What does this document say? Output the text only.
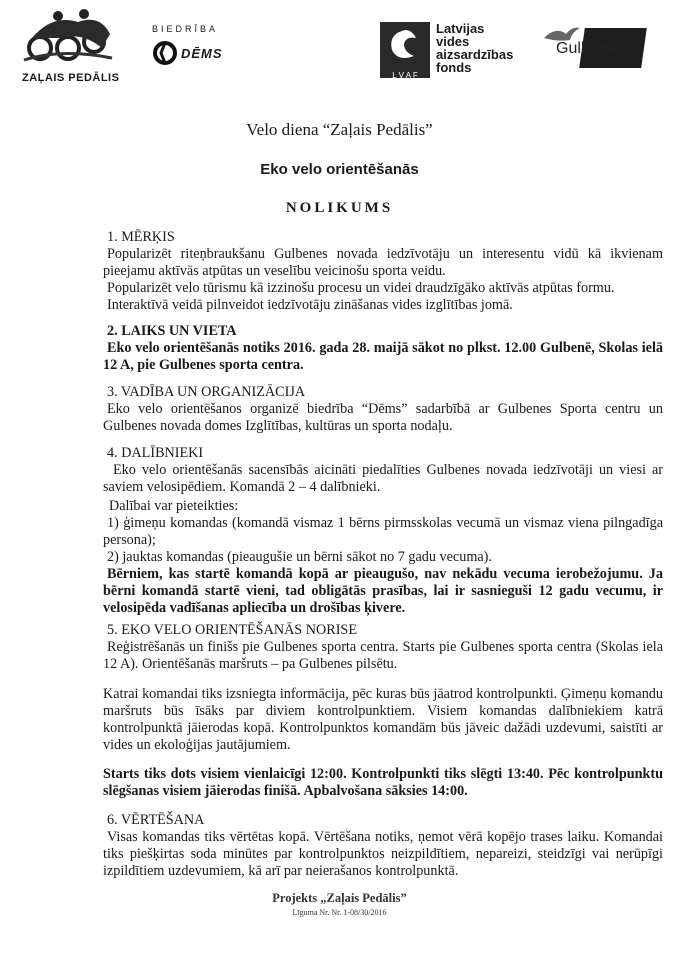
ZAĻAIS PEDĀLIS
BIEDRĪBA
DĒMS
L V A F
Latvijas
vides
aizsardzības
fonds
Gulbenes
novads
Velo diena “Zaļais Pedālis”
Eko velo orientēšanās
NOLIKUMS
1. MĒRĶIS
Popularizēt riteņbraukšanu Gulbenes novada iedzīvotāju un interesentu vidū kā ikvienam pieejamu aktīvās atpūtas un veselību veicinošu sporta veidu.
Popularizēt velo tūrismu kā izzinošu procesu un videi draudzīgāko aktīvās atpūtas formu.
Interaktīvā veidā pilnveidot iedzīvotāju zināšanas vides izglītības jomā.
2. LAIKS UN VIETA
Eko velo orientēšanās notiks 2016. gada 28. maijā sākot no plkst. 12.00 Gulbenē, Skolas ielā 12 A, pie Gulbenes sporta centra.
3. VADĪBA UN ORGANIZĀCIJA
Eko velo orientēšanos organizē biedrība “Dēms” sadarbībā ar Gulbenes Sporta centru un Gulbenes novada domes Izglītības, kultūras un sporta nodaļu.
4. DALĪBNIEKI
Eko velo orientēšanās sacensībās aicināti piedalīties Gulbenes novada iedzīvotāji un viesi ar saviem velosipēdiem. Komandā 2 – 4 dalībnieki.
Dalībai var pieteikties:
1) ģimeņu komandas (komandā vismaz 1 bērns pirmsskolas vecumā un vismaz viena pilngadīga persona);
2) jauktas komandas (pieaugušie un bērni sākot no 7 gadu vecuma).
Bērniem, kas startē komandā kopā ar pieaugušo, nav nekādu vecuma ierobežojumu. Ja bērni komandā startē vieni, tad obligātās prasības, lai ir sasnieguši 12 gadu vecumu, ir velosipēda vadīšanas apliecība un drošības ķivere.
5. EKO VELO ORIENTĒŠANĀS NORISE
Reģistrēšanās un finišs pie Gulbenes sporta centra. Starts pie Gulbenes sporta centra (Skolas iela 12 A). Orientēšanās maršruts – pa Gulbenes pilsētu.
Katrai komandai tiks izsniegta informācija, pēc kuras būs jāatrod kontrolpunkti. Ģimeņu komandu maršruts būs īsāks par diviem kontrolpunktiem. Visiem komandas dalībniekiem katrā kontrolpunktā jāierodas kopā. Kontrolpunktos komandām būs jāveic dažādi uzdevumi, saistīti ar vides un ekoloģijas jautājumiem.
Starts tiks dots visiem vienlaicīgi 12:00. Kontrolpunkti tiks slēgti 13:40. Pēc kontrolpunktu slēgšanas visiem jāierodas finišā. Apbalvošana sāksies 14:00.
6. VĒRTĒŠANA
Visas komandas tiks vērtētas kopā. Vērtēšana notiks, ņemot vērā kopējo trases laiku. Komandai tiks piešķirtas soda minūtes par kontrolpunktos neizpildītiem, nepareizi, steidzīgi vai nerūpīgi izpildītiem uzdevumiem, kā arī par neierašanos kontrolpunktā.
Projekts „Zaļais Pedālis”
Līguma Nr. Nr. 1-08/30/2016
